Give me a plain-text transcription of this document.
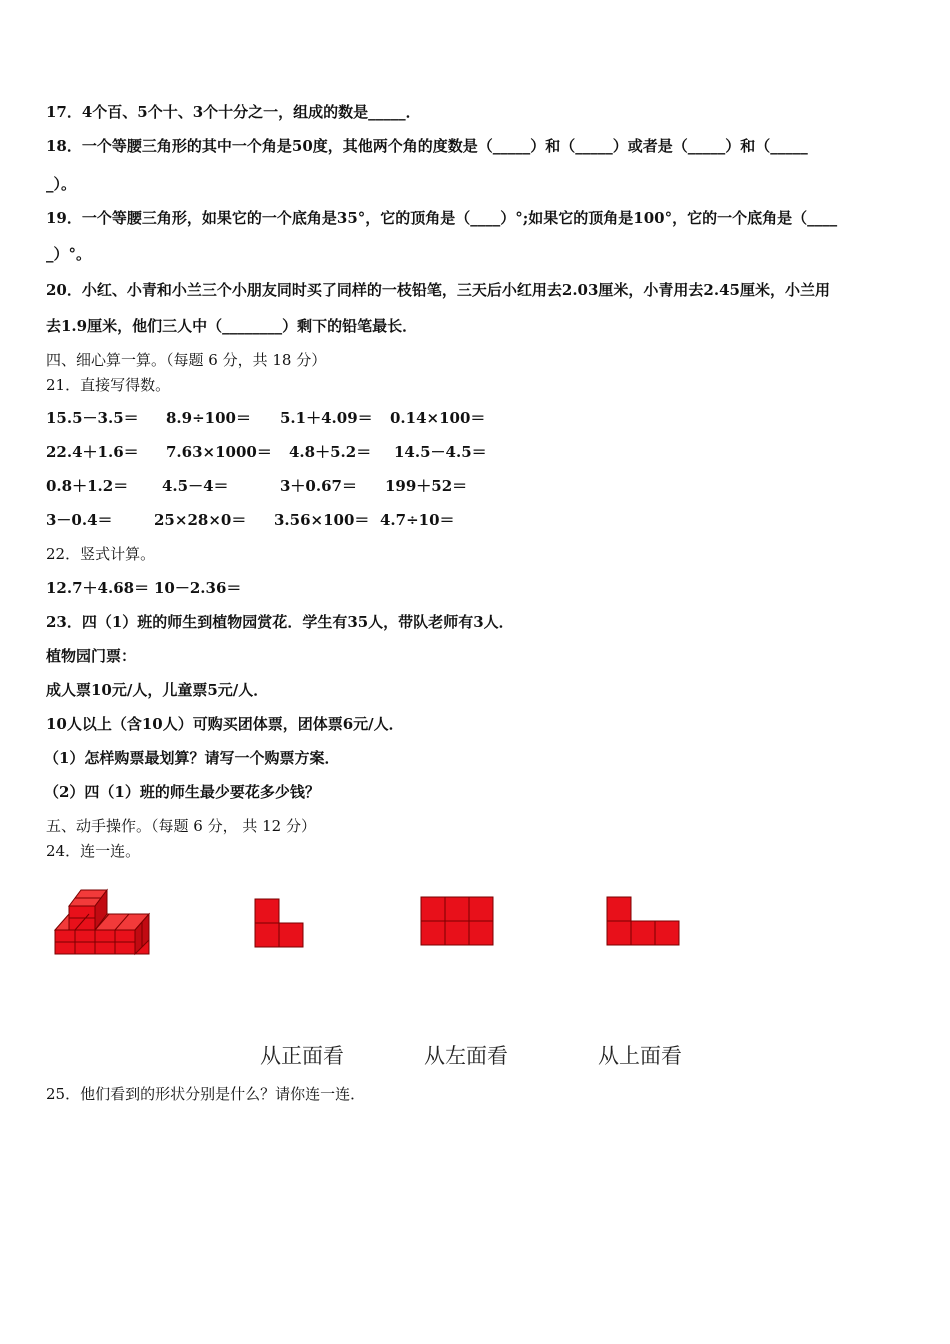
17．4个百、5个十、3个十分之一，组成的数是_____．
18．一个等腰三角形的其中一个角是50度，其他两个角的度数是（_____）和（_____）或者是（_____）和（_____
_）。
19．一个等腰三角形，如果它的一个底角是35°，它的顶角是（____）°;如果它的顶角是100°，它的一个底角是（____
_）°。
20．小红、小青和小兰三个小朋友同时买了同样的一枝铅笔，三天后小红用去2.03厘米，小青用去2.45厘米，小兰用
去1.9厘米，他们三人中（________）剩下的铅笔最长．
四、细心算一算。（每题 6 分，共 18 分）
21．直接写得数。
15.5－3.5＝ 8.9÷100＝ 5.1＋4.09＝ 0.14×100＝
22.4＋1.6＝ 7.63×1000＝ 4.8＋5.2＝ 14.5－4.5＝
0.8＋1.2＝ 4.5－4＝	3＋0.67＝ 199＋52＝
3－0.4＝	25×28×0＝ 3.56×100＝ 4.7÷10＝
22．竖式计算。
12.7＋4.68＝ 10－2.36＝
23．四（1）班的师生到植物园赏花．学生有35人，带队老师有3人．
植物园门票：
成人票10元/人，儿童票5元/人．
10人以上（含10人）可购买团体票，团体票6元/人．
（1）怎样购票最划算？请写一个购票方案．
（2）四（1）班的师生最少要花多少钱？
五、动手操作。（每题 6 分， 共 12 分）
24．连一连。
从正面看	从左面看	从上面看
25．他们看到的形状分别是什么？请你连一连．
